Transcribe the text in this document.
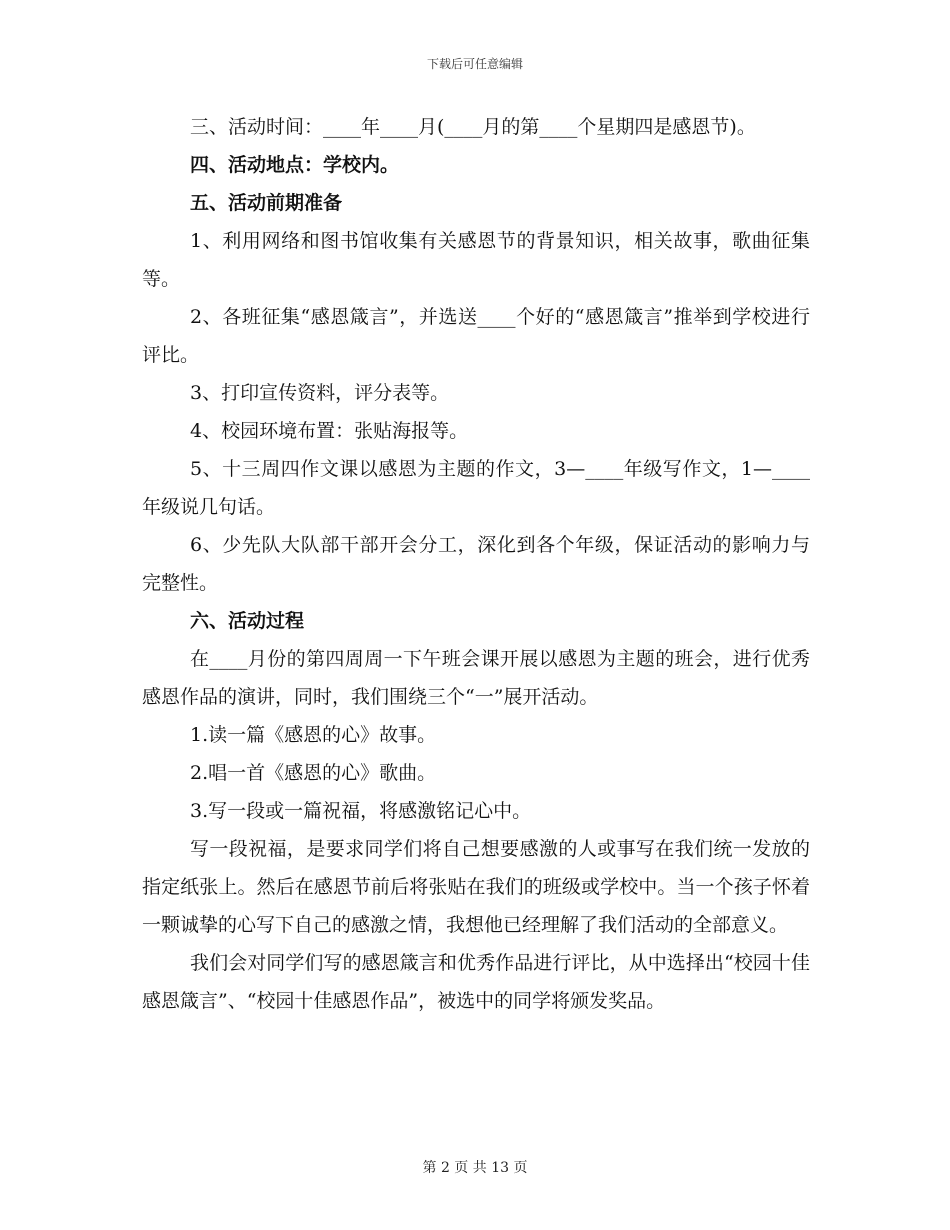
下载后可任意编辑

三、活动时间：____年____月(____月的第____个星期四是感恩节)。

四、活动地点：学校内。

五、活动前期准备

1、利用网络和图书馆收集有关感恩节的背景知识，相关故事，歌曲征集等。

2、各班征集“感恩箴言”，并选送____个好的“感恩箴言”推举到学校进行评比。

3、打印宣传资料，评分表等。

4、校园环境布置：张贴海报等。

5、十三周四作文课以感恩为主题的作文，3—____年级写作文，1—____年级说几句话。

6、少先队大队部干部开会分工，深化到各个年级，保证活动的影响力与完整性。

六、活动过程

在____月份的第四周周一下午班会课开展以感恩为主题的班会，进行优秀感恩作品的演讲，同时，我们围绕三个“一”展开活动。

1.读一篇《感恩的心》故事。

2.唱一首《感恩的心》歌曲。

3.写一段或一篇祝福，将感激铭记心中。

写一段祝福，是要求同学们将自己想要感激的人或事写在我们统一发放的指定纸张上。然后在感恩节前后将张贴在我们的班级或学校中。当一个孩子怀着一颗诚挚的心写下自己的感激之情，我想他已经理解了我们活动的全部意义。

我们会对同学们写的感恩箴言和优秀作品进行评比，从中选择出“校园十佳感恩箴言”、“校园十佳感恩作品”，被选中的同学将颁发奖品。

第 2 页 共 13 页
